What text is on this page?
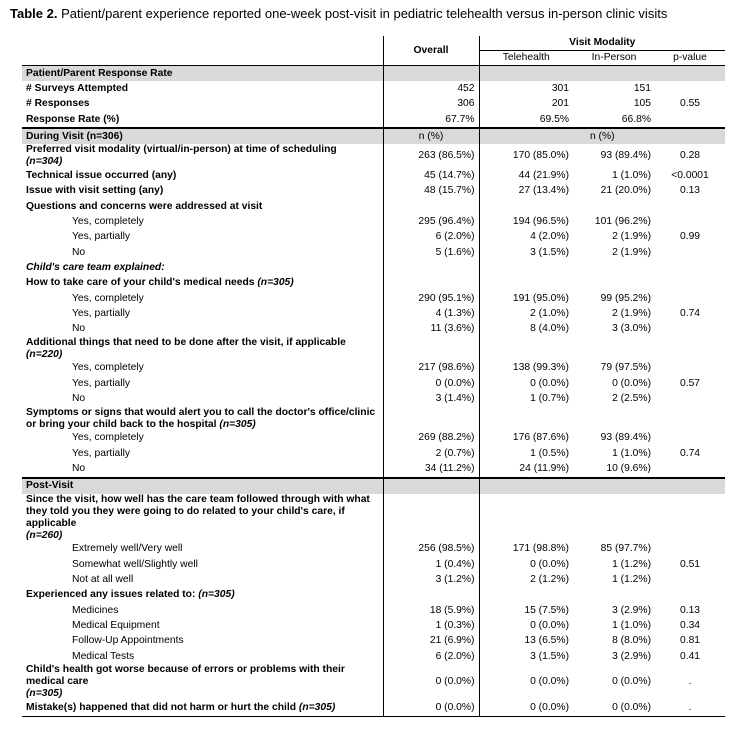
Table 2. Patient/parent experience reported one-week post-visit in pediatric telehealth versus in-person clinic visits
	Overall	Visit Modality		
		Telehealth	In-Person	p-value
Patient/Parent Response Rate				
# Surveys Attempted	452	301	151	
# Responses	306	201	105	0.55
Response Rate (%)	67.7%	69.5%	66.8%	
During Visit (n=306)	n (%)	n (%)		
Preferred visit modality (virtual/in-person) at time of scheduling
(n=304)	263 (86.5%)	170 (85.0%)	93 (89.4%)	0.28
Technical issue occurred (any)	45 (14.7%)	44 (21.9%)	1 (1.0%)	<0.0001
Issue with visit setting (any)	48 (15.7%)	27 (13.4%)	21 (20.0%)	0.13
Questions and concerns were addressed at visit				
Yes, completely	295 (96.4%)	194 (96.5%)	101 (96.2%)	
Yes, partially	6 (2.0%)	4 (2.0%)	2 (1.9%)	0.99
No	5 (1.6%)	3 (1.5%)	2 (1.9%)	
Child's care team explained:				
How to take care of your child's medical needs (n=305)				
Yes, completely	290 (95.1%)	191 (95.0%)	99 (95.2%)	
Yes, partially	4 (1.3%)	2 (1.0%)	2 (1.9%)	0.74
No	11 (3.6%)	8 (4.0%)	3 (3.0%)	
Additional things that need to be done after the visit, if applicable
(n=220)				
Yes, completely	217 (98.6%)	138 (99.3%)	79 (97.5%)	
Yes, partially	0 (0.0%)	0 (0.0%)	0 (0.0%)	0.57
No	3 (1.4%)	1 (0.7%)	2 (2.5%)	
Symptoms or signs that would alert you to call the doctor's office/clinic or bring your child back to the hospital (n=305)				
Yes, completely	269 (88.2%)	176 (87.6%)	93 (89.4%)	
Yes, partially	2 (0.7%)	1 (0.5%)	1 (1.0%)	0.74
No	34 (11.2%)	24 (11.9%)	10 (9.6%)	
Post-Visit				
Since the visit, how well has the care team followed through with what they told you they were going to do related to your child's care, if applicable
(n=260)				
Extremely well/Very well	256 (98.5%)	171 (98.8%)	85 (97.7%)	
Somewhat well/Slightly well	1 (0.4%)	0 (0.0%)	1 (1.2%)	0.51
Not at all well	3 (1.2%)	2 (1.2%)	1 (1.2%)	
Experienced any issues related to: (n=305)				
Medicines	18 (5.9%)	15 (7.5%)	3 (2.9%)	0.13
Medical Equipment	1 (0.3%)	0 (0.0%)	1 (1.0%)	0.34
Follow-Up Appointments	21 (6.9%)	13 (6.5%)	8 (8.0%)	0.81
Medical Tests	6 (2.0%)	3 (1.5%)	3 (2.9%)	0.41
Child's health got worse because of errors or problems with their medical care
(n=305)	0 (0.0%)	0 (0.0%)	0 (0.0%)	.
Mistake(s) happened that did not harm or hurt the child (n=305)	0 (0.0%)	0 (0.0%)	0 (0.0%)	.
